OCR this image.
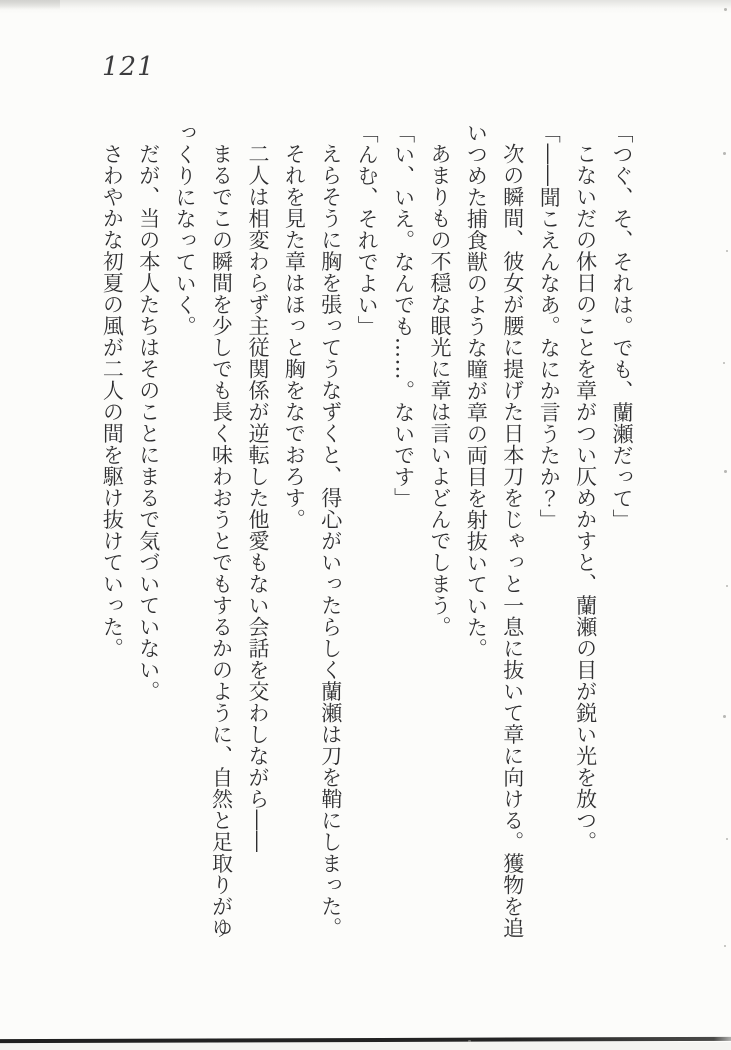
121

「つぐ、そ、それは。でも、蘭瀬だって」

こないだの休日のことを章がつい仄めかすと、蘭瀬の目が鋭い光を放つ。

「――聞こえんなあ。なにか言うたか？」

次の瞬間、彼女が腰に提げた日本刀をじゃっと一息に抜いて章に向ける。獲物を追いつめた捕食獣のような瞳が章の両目を射抜いていた。

あまりもの不穏な眼光に章は言いよどんでしまう。

「い、いえ。なんでも……。ないです」

「んむ、それでよい」

えらそうに胸を張ってうなずくと、得心がいったらしく蘭瀬は刀を鞘にしまった。

それを見た章はほっと胸をなでおろす。

二人は相変わらず主従関係が逆転した他愛もない会話を交わしながら――

まるでこの瞬間を少しでも長く味わおうとでもするかのように、自然と足取りがゆっくりになっていく。

だが、当の本人たちはそのことにまるで気づいていない。

さわやかな初夏の風が二人の間を駆け抜けていった。
